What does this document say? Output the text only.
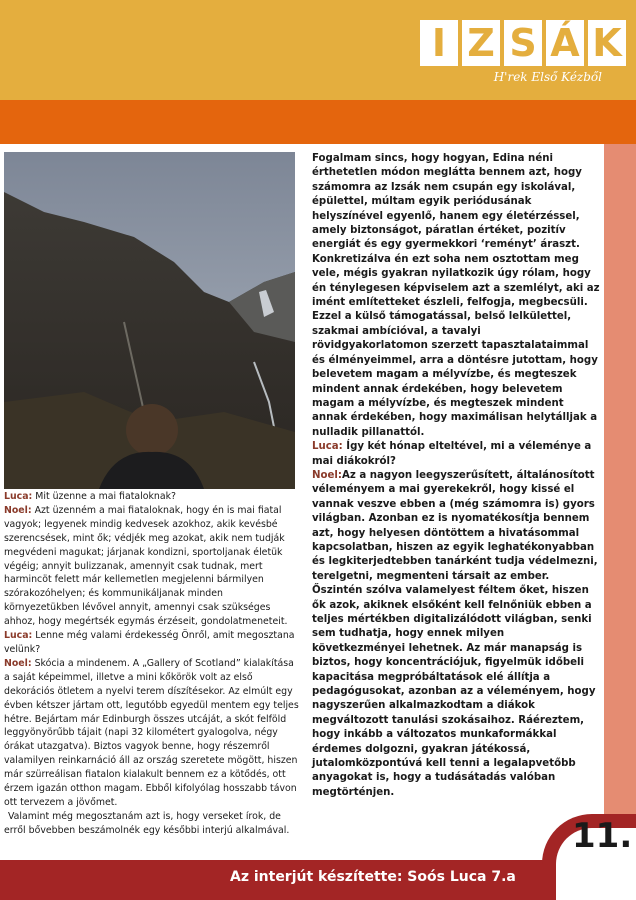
I Z S Á K
H'rek Első Kézből

Luca: Mit üzenne a mai fiataloknak?

Noel: Azt üzenném a mai fiataloknak, hogy én is mai fiatal vagyok; legyenek mindig kedvesek azokhoz, akik kevésbé szerencsések, mint ők; védjék meg azokat, akik nem tudják megvédeni magukat; járjanak kondizni, sportoljanak életük végéig; annyit bulizzanak, amennyit csak tudnak, mert harmincöt felett már kellemetlen megjelenni bármilyen szórakozóhelyen; és kommunikáljanak minden környezetükben lévővel annyit, amennyi csak szükséges ahhoz, hogy megértsék egymás érzéseit, gondolatmeneteit.

Luca: Lenne még valami érdekesség Önről, amit megosztana velünk?

Noel: Skócia a mindenem. A „Gallery of Scotland” kialakítása a saját képeimmel, illetve a mini kőkörök volt az első dekorációs ötletem a nyelvi terem díszítésekor. Az elmúlt egy évben kétszer jártam ott, legutóbb egyedül mentem egy teljes hétre. Bejártam már Edinburgh összes utcáját, a skót felföld leggyönyörűbb tájait (napi 32 kilométert gyalogolva, négy órákat utazgatva). Biztos vagyok benne, hogy részemről valamilyen reinkarnáció áll az ország szeretete mögött, hiszen már szürreálisan fiatalon kialakult bennem ez a kötődés, ott érzem igazán otthon magam. Ebből kifolyólag hosszabb távon ott tervezem a jövőmet.

Valamint még megosztanám azt is, hogy verseket írok, de erről bővebben beszámolnék egy későbbi interjú alkalmával.

Fogalmam sincs, hogy hogyan, Edina néni érthetetlen módon meglátta bennem azt, hogy számomra az Izsák nem csupán egy iskolával, épülettel, múltam egyik periódusának helyszínével egyenlő, hanem egy életérzéssel, amely biztonságot, páratlan értéket, pozitív energiát és egy gyermekkori ‘reményt’ áraszt. Konkretizálva én ezt soha nem osztottam meg vele, mégis gyakran nyilatkozik úgy rólam, hogy én ténylegesen képviselem azt a szemlélyt, aki az imént említetteket észleli, felfogja, megbecsüli.

Ezzel a külső támogatással, belső lelkülettel, szakmai ambícióval, a tavalyi rövidgyakorlatomon szerzett tapasztalataimmal és élményeimmel, arra a döntésre jutottam, hogy belevetem magam a mélyvízbe, és megteszek mindent annak érdekében, hogy belevetem magam a mélyvízbe, és megteszek mindent annak érdekében, hogy maximálisan helytálljak a nulladik pillanattól.

Luca: Így két hónap elteltével, mi a véleménye a mai diákokról?

Noel:Az a nagyon leegyszerűsített, általánosított véleményem a mai gyerekekről, hogy kissé el vannak veszve ebben a (még számomra is) gyors világban. Azonban ez is nyomatékosítja bennem azt, hogy helyesen döntöttem a hivatásommal kapcsolatban, hiszen az egyik leghatékonyabban és legkiterjedtebben tanárként tudja védelmezni, terelgetni, megmenteni társait az ember. Őszintén szólva valamelyest féltem őket, hiszen ők azok, akiknek elsőként kell felnőniük ebben a teljes mértékben digitalizálódott világban, senki sem tudhatja, hogy ennek milyen következményei lehetnek. Az már manapság is biztos, hogy koncentrációjuk, figyelmük időbeli kapacitása megpróbáltatások elé állítja a pedagógusokat, azonban az a véleményem, hogy nagyszerűen alkalmazkodtam a diákok megváltozott tanulási szokásaihoz. Ráéreztem, hogy inkább a változatos munkaformákkal érdemes dolgozni, gyakran játékossá, jutalomközpontúvá kell tenni a legalapvetőbb anyagokat is, hogy a tudásátadás valóban megtörténjen.

Az interjút készítette: Soós Luca 7.a
11.
